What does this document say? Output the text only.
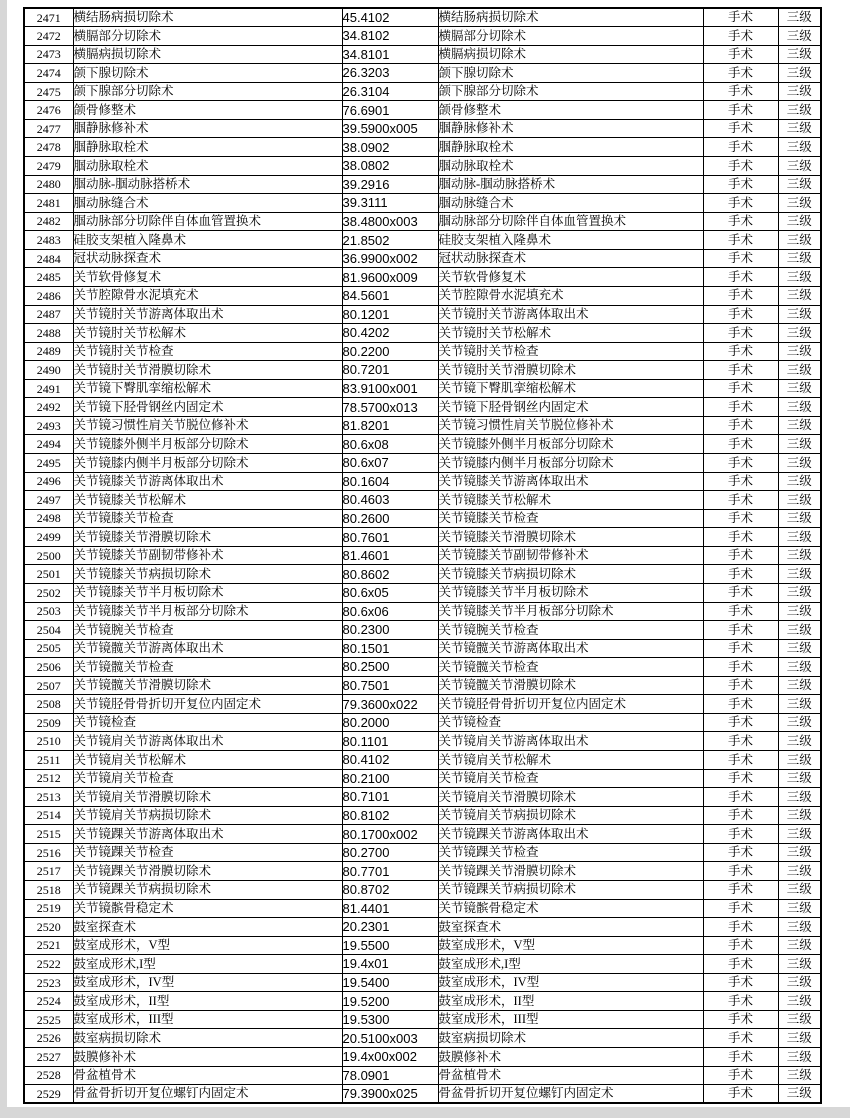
2471	横结肠病损切除术	45.4102	横结肠病损切除术	手术	三级
2472	横膈部分切除术	34.8102	横膈部分切除术	手术	三级
2473	横膈病损切除术	34.8101	横膈病损切除术	手术	三级
2474	颌下腺切除术	26.3203	颌下腺切除术	手术	三级
2475	颌下腺部分切除术	26.3104	颌下腺部分切除术	手术	三级
2476	颌骨修整术	76.6901	颌骨修整术	手术	三级
2477	腘静脉修补术	39.5900x005	腘静脉修补术	手术	三级
2478	腘静脉取栓术	38.0902	腘静脉取栓术	手术	三级
2479	腘动脉取栓术	38.0802	腘动脉取栓术	手术	三级
2480	腘动脉-腘动脉搭桥术	39.2916	腘动脉-腘动脉搭桥术	手术	三级
2481	腘动脉缝合术	39.3111	腘动脉缝合术	手术	三级
2482	腘动脉部分切除伴自体血管置换术	38.4800x003	腘动脉部分切除伴自体血管置换术	手术	三级
2483	硅胶支架植入隆鼻术	21.8502	硅胶支架植入隆鼻术	手术	三级
2484	冠状动脉探查术	36.9900x002	冠状动脉探查术	手术	三级
2485	关节软骨修复术	81.9600x009	关节软骨修复术	手术	三级
2486	关节腔隙骨水泥填充术	84.5601	关节腔隙骨水泥填充术	手术	三级
2487	关节镜肘关节游离体取出术	80.1201	关节镜肘关节游离体取出术	手术	三级
2488	关节镜肘关节松解术	80.4202	关节镜肘关节松解术	手术	三级
2489	关节镜肘关节检查	80.2200	关节镜肘关节检查	手术	三级
2490	关节镜肘关节滑膜切除术	80.7201	关节镜肘关节滑膜切除术	手术	三级
2491	关节镜下臀肌挛缩松解术	83.9100x001	关节镜下臀肌挛缩松解术	手术	三级
2492	关节镜下胫骨钢丝内固定术	78.5700x013	关节镜下胫骨钢丝内固定术	手术	三级
2493	关节镜习惯性肩关节脱位修补术	81.8201	关节镜习惯性肩关节脱位修补术	手术	三级
2494	关节镜膝外侧半月板部分切除术	80.6x08	关节镜膝外侧半月板部分切除术	手术	三级
2495	关节镜膝内侧半月板部分切除术	80.6x07	关节镜膝内侧半月板部分切除术	手术	三级
2496	关节镜膝关节游离体取出术	80.1604	关节镜膝关节游离体取出术	手术	三级
2497	关节镜膝关节松解术	80.4603	关节镜膝关节松解术	手术	三级
2498	关节镜膝关节检查	80.2600	关节镜膝关节检查	手术	三级
2499	关节镜膝关节滑膜切除术	80.7601	关节镜膝关节滑膜切除术	手术	三级
2500	关节镜膝关节副韧带修补术	81.4601	关节镜膝关节副韧带修补术	手术	三级
2501	关节镜膝关节病损切除术	80.8602	关节镜膝关节病损切除术	手术	三级
2502	关节镜膝关节半月板切除术	80.6x05	关节镜膝关节半月板切除术	手术	三级
2503	关节镜膝关节半月板部分切除术	80.6x06	关节镜膝关节半月板部分切除术	手术	三级
2504	关节镜腕关节检查	80.2300	关节镜腕关节检查	手术	三级
2505	关节镜髋关节游离体取出术	80.1501	关节镜髋关节游离体取出术	手术	三级
2506	关节镜髋关节检查	80.2500	关节镜髋关节检查	手术	三级
2507	关节镜髋关节滑膜切除术	80.7501	关节镜髋关节滑膜切除术	手术	三级
2508	关节镜胫骨骨折切开复位内固定术	79.3600x022	关节镜胫骨骨折切开复位内固定术	手术	三级
2509	关节镜检查	80.2000	关节镜检查	手术	三级
2510	关节镜肩关节游离体取出术	80.1101	关节镜肩关节游离体取出术	手术	三级
2511	关节镜肩关节松解术	80.4102	关节镜肩关节松解术	手术	三级
2512	关节镜肩关节检查	80.2100	关节镜肩关节检查	手术	三级
2513	关节镜肩关节滑膜切除术	80.7101	关节镜肩关节滑膜切除术	手术	三级
2514	关节镜肩关节病损切除术	80.8102	关节镜肩关节病损切除术	手术	三级
2515	关节镜踝关节游离体取出术	80.1700x002	关节镜踝关节游离体取出术	手术	三级
2516	关节镜踝关节检查	80.2700	关节镜踝关节检查	手术	三级
2517	关节镜踝关节滑膜切除术	80.7701	关节镜踝关节滑膜切除术	手术	三级
2518	关节镜踝关节病损切除术	80.8702	关节镜踝关节病损切除术	手术	三级
2519	关节镜髌骨稳定术	81.4401	关节镜髌骨稳定术	手术	三级
2520	鼓室探查术	20.2301	鼓室探查术	手术	三级
2521	鼓室成形术，V型	19.5500	鼓室成形术，V型	手术	三级
2522	鼓室成形术,I型	19.4x01	鼓室成形术,I型	手术	三级
2523	鼓室成形术，IV型	19.5400	鼓室成形术，IV型	手术	三级
2524	鼓室成形术，II型	19.5200	鼓室成形术，II型	手术	三级
2525	鼓室成形术，III型	19.5300	鼓室成形术，III型	手术	三级
2526	鼓室病损切除术	20.5100x003	鼓室病损切除术	手术	三级
2527	鼓膜修补术	19.4x00x002	鼓膜修补术	手术	三级
2528	骨盆植骨术	78.0901	骨盆植骨术	手术	三级
2529	骨盆骨折切开复位螺钉内固定术	79.3900x025	骨盆骨折切开复位螺钉内固定术	手术	三级
